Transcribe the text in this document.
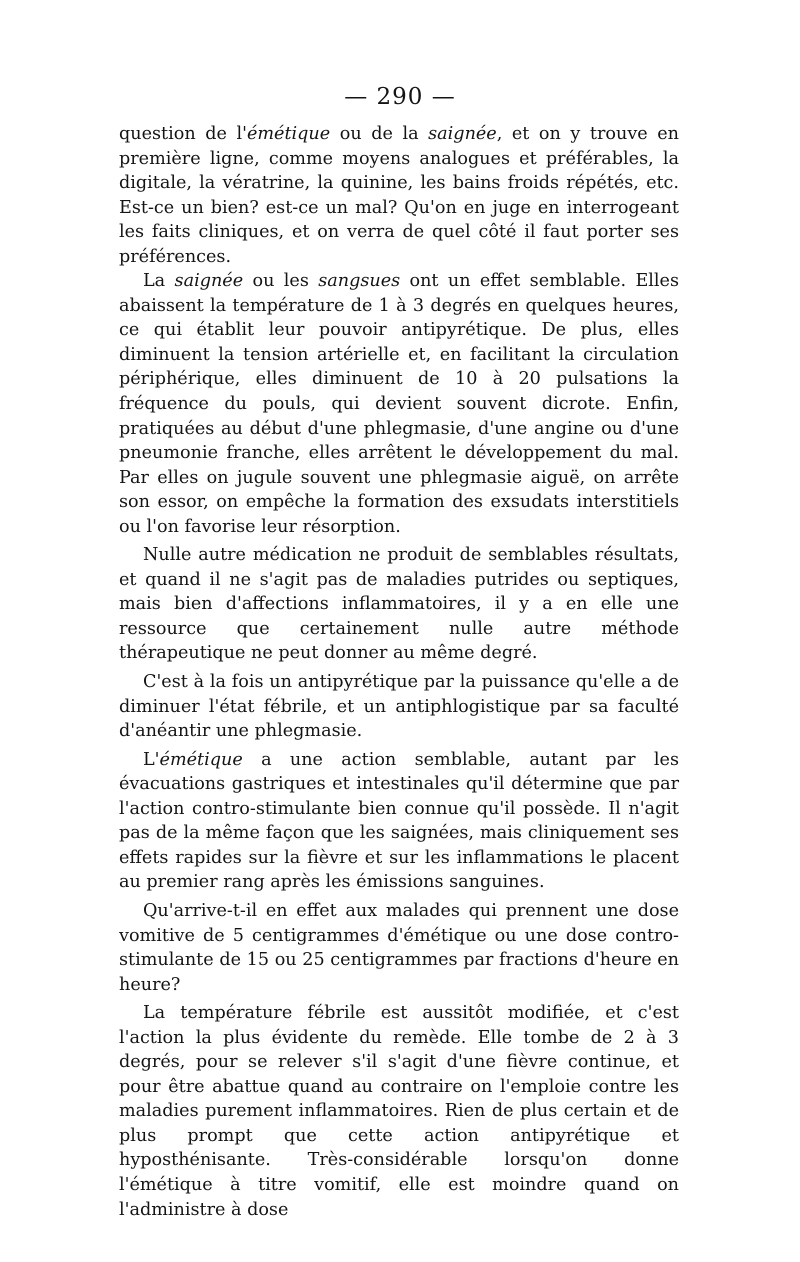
— 290 —

question de l'émétique ou de la saignée, et on y trouve en première ligne, comme moyens analogues et préférables, la digitale, la vératrine, la quinine, les bains froids répétés, etc. Est-ce un bien? est-ce un mal? Qu'on en juge en interrogeant les faits cliniques, et on verra de quel côté il faut porter ses préférences.

La saignée ou les sangsues ont un effet semblable. Elles abaissent la température de 1 à 3 degrés en quelques heures, ce qui établit leur pouvoir antipyrétique. De plus, elles diminuent la tension artérielle et, en facilitant la circulation périphérique, elles diminuent de 10 à 20 pulsations la fréquence du pouls, qui devient souvent dicrote. Enfin, pratiquées au début d'une phlegmasie, d'une angine ou d'une pneumonie franche, elles arrêtent le développement du mal. Par elles on jugule souvent une phlegmasie aiguë, on arrête son essor, on empêche la formation des exsudats interstitiels ou l'on favorise leur résorption.

Nulle autre médication ne produit de semblables résultats, et quand il ne s'agit pas de maladies putrides ou septiques, mais bien d'affections inflammatoires, il y a en elle une ressource que certainement nulle autre méthode thérapeutique ne peut donner au même degré.

C'est à la fois un antipyrétique par la puissance qu'elle a de diminuer l'état fébrile, et un antiphlogistique par sa faculté d'anéantir une phlegmasie.

L'émétique a une action semblable, autant par les évacuations gastriques et intestinales qu'il détermine que par l'action contro-stimulante bien connue qu'il possède. Il n'agit pas de la même façon que les saignées, mais cliniquement ses effets rapides sur la fièvre et sur les inflammations le placent au premier rang après les émissions sanguines.

Qu'arrive-t-il en effet aux malades qui prennent une dose vomitive de 5 centigrammes d'émétique ou une dose contro-stimulante de 15 ou 25 centigrammes par fractions d'heure en heure?

La température fébrile est aussitôt modifiée, et c'est l'action la plus évidente du remède. Elle tombe de 2 à 3 degrés, pour se relever s'il s'agit d'une fièvre continue, et pour être abattue quand au contraire on l'emploie contre les maladies purement inflammatoires. Rien de plus certain et de plus prompt que cette action antipyrétique et hyposthénisante. Très-considérable lorsqu'on donne l'émétique à titre vomitif, elle est moindre quand on l'administre à dose
